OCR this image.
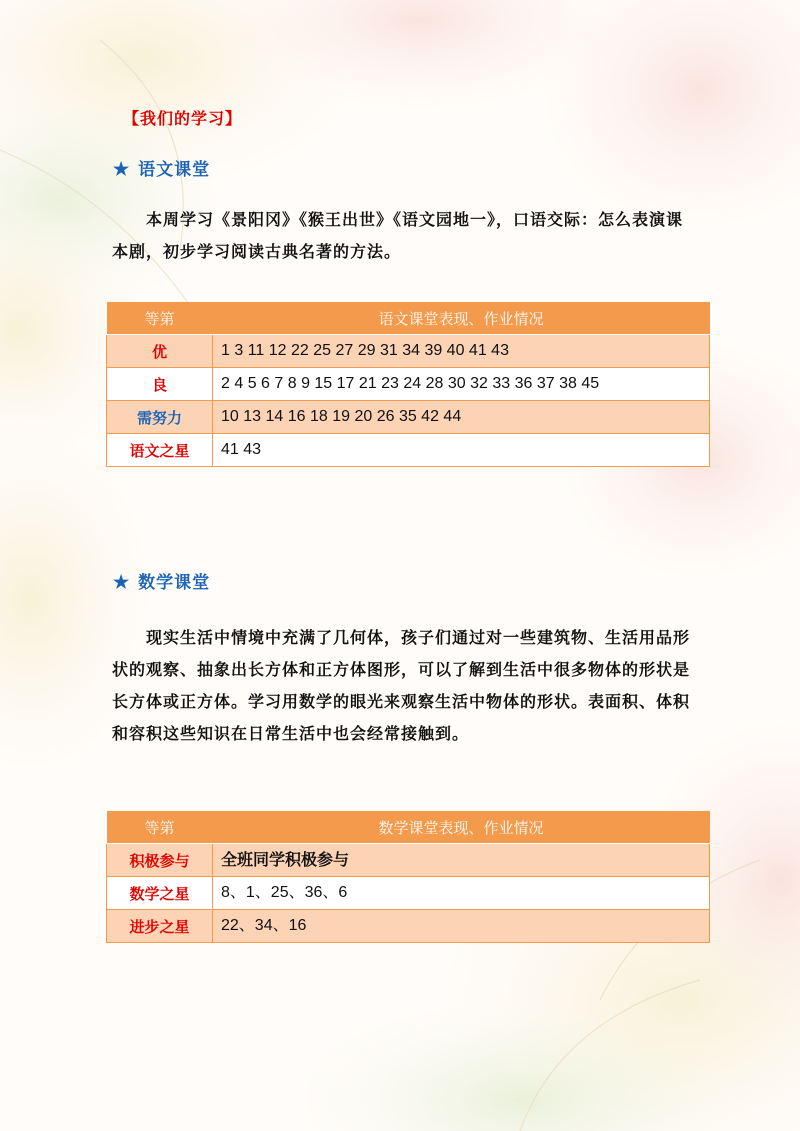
【我们的学习】
★ 语文课堂

本周学习《景阳冈》《猴王出世》《语文园地一》，口语交际：怎么表演课本剧，初步学习阅读古典名著的方法。

等第	语文课堂表现、作业情况
优	1 3 11 12 22 25 27 29 31 34 39 40 41 43
良	2 4 5 6 7 8 9 15 17 21 23 24 28 30 32 33 36 37 38 45
需努力	10 13 14 16 18 19 20 26 35 42 44
语文之星	41 43
★ 数学课堂

现实生活中情境中充满了几何体，孩子们通过对一些建筑物、生活用品形状的观察、抽象出长方体和正方体图形，可以了解到生活中很多物体的形状是长方体或正方体。学习用数学的眼光来观察生活中物体的形状。表面积、体积和容积这些知识在日常生活中也会经常接触到。

等第	数学课堂表现、作业情况
积极参与	全班同学积极参与
数学之星	8、1、25、36、6
进步之星	22、34、16
